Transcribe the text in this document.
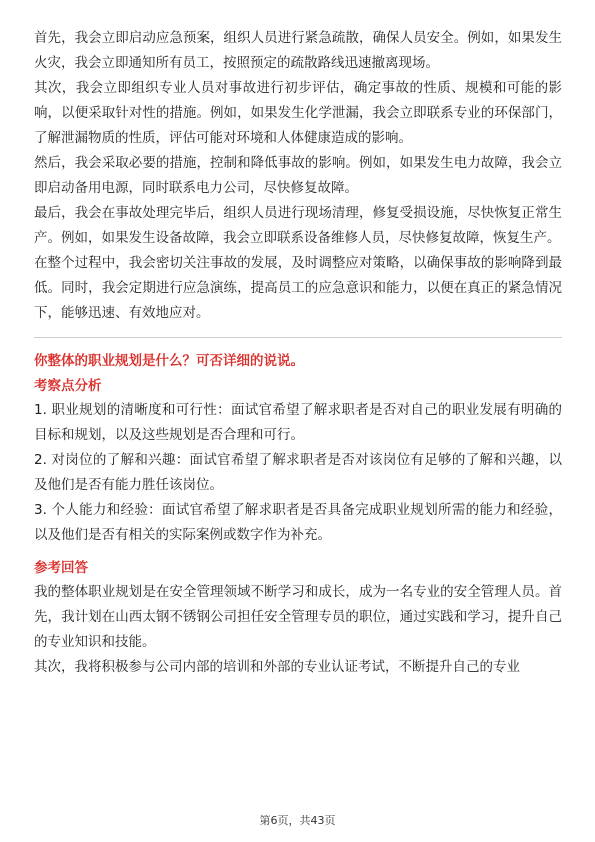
首先，我会立即启动应急预案，组织人员进行紧急疏散，确保人员安全。例如，如果发生火灾，我会立即通知所有员工，按照预定的疏散路线迅速撤离现场。

其次，我会立即组织专业人员对事故进行初步评估，确定事故的性质、规模和可能的影响，以便采取针对性的措施。例如，如果发生化学泄漏，我会立即联系专业的环保部门，了解泄漏物质的性质，评估可能对环境和人体健康造成的影响。

然后，我会采取必要的措施，控制和降低事故的影响。例如，如果发生电力故障，我会立即启动备用电源，同时联系电力公司，尽快修复故障。

最后，我会在事故处理完毕后，组织人员进行现场清理，修复受损设施，尽快恢复正常生产。例如，如果发生设备故障，我会立即联系设备维修人员，尽快修复故障，恢复生产。

在整个过程中，我会密切关注事故的发展，及时调整应对策略，以确保事故的影响降到最低。同时，我会定期进行应急演练，提高员工的应急意识和能力，以便在真正的紧急情况下，能够迅速、有效地应对。

你整体的职业规划是什么？可否详细的说说。

考察点分析

1. 职业规划的清晰度和可行性：面试官希望了解求职者是否对自己的职业发展有明确的目标和规划，以及这些规划是否合理和可行。

2. 对岗位的了解和兴趣：面试官希望了解求职者是否对该岗位有足够的了解和兴趣，以及他们是否有能力胜任该岗位。

3. 个人能力和经验：面试官希望了解求职者是否具备完成职业规划所需的能力和经验，以及他们是否有相关的实际案例或数字作为补充。

参考回答

我的整体职业规划是在安全管理领域不断学习和成长，成为一名专业的安全管理人员。首先，我计划在山西太钢不锈钢公司担任安全管理专员的职位，通过实践和学习，提升自己的专业知识和技能。

其次，我将积极参与公司内部的培训和外部的专业认证考试，不断提升自己的专业

第6页，共43页
